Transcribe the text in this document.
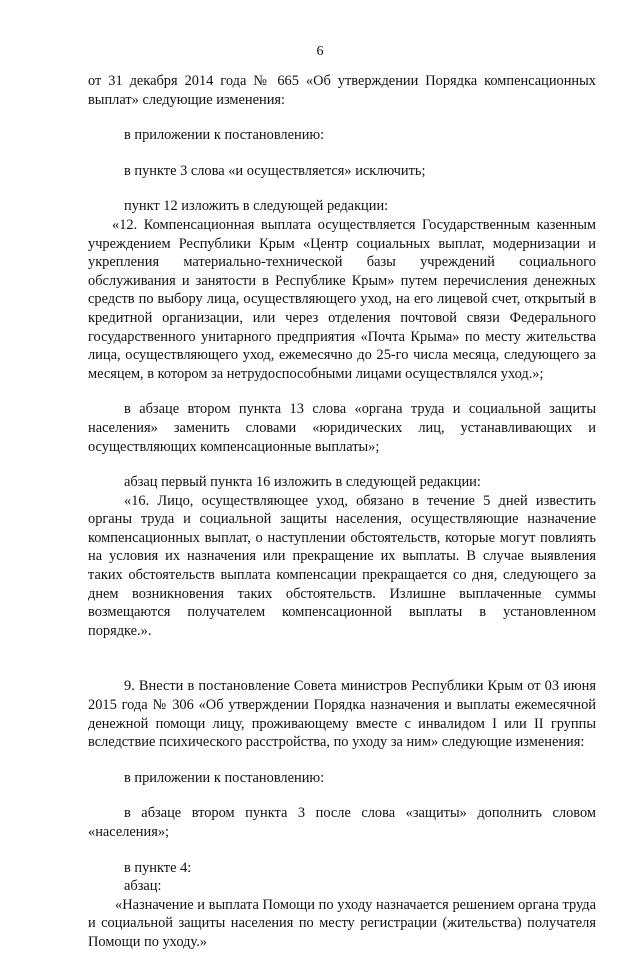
6

от 31 декабря 2014 года № 665 «Об утверждении Порядка компенсационных выплат» следующие изменения:

в приложении к постановлению:

в пункте 3 слова «и осуществляется» исключить;

пункт 12 изложить в следующей редакции:

«12. Компенсационная выплата осуществляется Государственным казенным учреждением Республики Крым «Центр социальных выплат, модернизации и укрепления материально-технической базы учреждений социального обслуживания и занятости в Республике Крым» путем перечисления денежных средств по выбору лица, осуществляющего уход, на его лицевой счет, открытый в кредитной организации, или через отделения почтовой связи Федерального государственного унитарного предприятия «Почта Крыма» по месту жительства лица, осуществляющего уход, ежемесячно до 25-го числа месяца, следующего за месяцем, в котором за нетрудоспособными лицами осуществлялся уход.»;

в абзаце втором пункта 13 слова «органа труда и социальной защиты населения» заменить словами «юридических лиц, устанавливающих и осуществляющих компенсационные выплаты»;

абзац первый пункта 16 изложить в следующей редакции:

«16. Лицо, осуществляющее уход, обязано в течение 5 дней известить органы труда и социальной защиты населения, осуществляющие назначение компенсационных выплат, о наступлении обстоятельств, которые могут повлиять на условия их назначения или прекращение их выплаты. В случае выявления таких обстоятельств выплата компенсации прекращается со дня, следующего за днем возникновения таких обстоятельств. Излишне выплаченные суммы возмещаются получателем компенсационной выплаты в установленном порядке.».

9. Внести в постановление Совета министров Республики Крым от 03 июня 2015 года № 306 «Об утверждении Порядка назначения и выплаты ежемесячной денежной помощи лицу, проживающему вместе с инвалидом I или II группы вследствие психического расстройства, по уходу за ним» следующие изменения:

в приложении к постановлению:

в абзаце втором пункта 3 после слова «защиты» дополнить словом «населения»;

в пункте 4:

абзац:

«Назначение и выплата Помощи по уходу назначается решением органа труда и социальной защиты населения по месту регистрации (жительства) получателя Помощи по уходу.»
